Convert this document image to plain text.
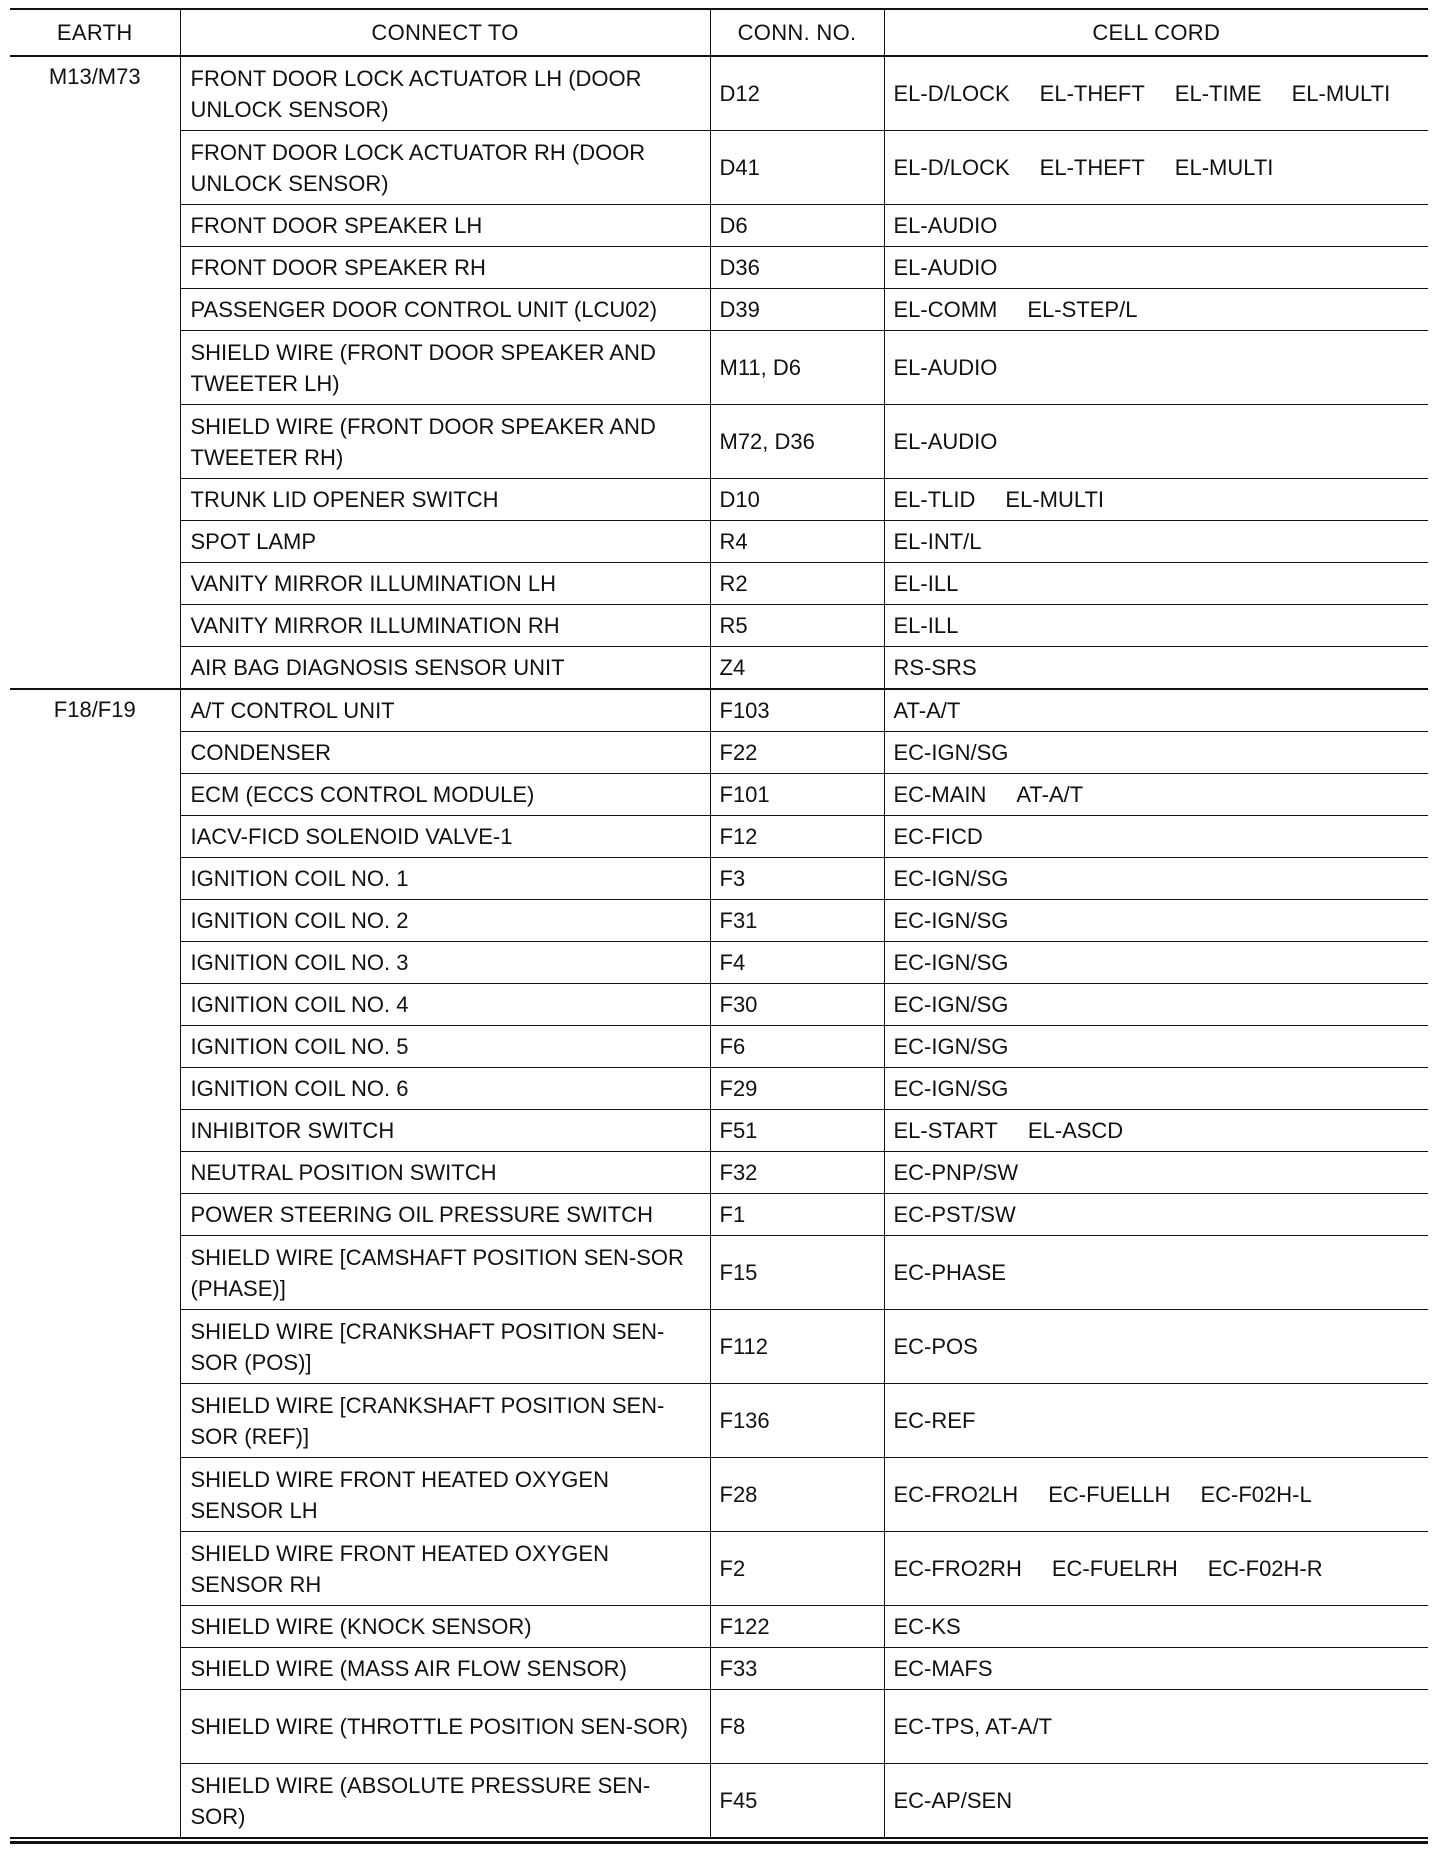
EARTH	CONNECT TO	CONN. NO.	CELL CORD
M13/M73	FRONT DOOR LOCK ACTUATOR LH (DOOR UNLOCK SENSOR)	D12	EL-D/LOCK EL-THEFT EL-TIME EL-MULTI
	FRONT DOOR LOCK ACTUATOR RH (DOOR UNLOCK SENSOR)	D41	EL-D/LOCK EL-THEFT EL-MULTI
	FRONT DOOR SPEAKER LH	D6	EL-AUDIO
	FRONT DOOR SPEAKER RH	D36	EL-AUDIO
	PASSENGER DOOR CONTROL UNIT (LCU02)	D39	EL-COMM EL-STEP/L
	SHIELD WIRE (FRONT DOOR SPEAKER AND TWEETER LH)	M11, D6	EL-AUDIO
	SHIELD WIRE (FRONT DOOR SPEAKER AND TWEETER RH)	M72, D36	EL-AUDIO
	TRUNK LID OPENER SWITCH	D10	EL-TLID EL-MULTI
	SPOT LAMP	R4	EL-INT/L
	VANITY MIRROR ILLUMINATION LH	R2	EL-ILL
	VANITY MIRROR ILLUMINATION RH	R5	EL-ILL
	AIR BAG DIAGNOSIS SENSOR UNIT	Z4	RS-SRS
F18/F19	A/T CONTROL UNIT	F103	AT-A/T
	CONDENSER	F22	EC-IGN/SG
	ECM (ECCS CONTROL MODULE)	F101	EC-MAIN AT-A/T
	IACV-FICD SOLENOID VALVE-1	F12	EC-FICD
	IGNITION COIL NO. 1	F3	EC-IGN/SG
	IGNITION COIL NO. 2	F31	EC-IGN/SG
	IGNITION COIL NO. 3	F4	EC-IGN/SG
	IGNITION COIL NO. 4	F30	EC-IGN/SG
	IGNITION COIL NO. 5	F6	EC-IGN/SG
	IGNITION COIL NO. 6	F29	EC-IGN/SG
	INHIBITOR SWITCH	F51	EL-START EL-ASCD
	NEUTRAL POSITION SWITCH	F32	EC-PNP/SW
	POWER STEERING OIL PRESSURE SWITCH	F1	EC-PST/SW
	SHIELD WIRE [CAMSHAFT POSITION SEN-SOR (PHASE)]	F15	EC-PHASE
	SHIELD WIRE [CRANKSHAFT POSITION SEN-SOR (POS)]	F112	EC-POS
	SHIELD WIRE [CRANKSHAFT POSITION SEN-SOR (REF)]	F136	EC-REF
	SHIELD WIRE FRONT HEATED OXYGEN SENSOR LH	F28	EC-FRO2LH EC-FUELLH EC-F02H-L
	SHIELD WIRE FRONT HEATED OXYGEN SENSOR RH	F2	EC-FRO2RH EC-FUELRH EC-F02H-R
	SHIELD WIRE (KNOCK SENSOR)	F122	EC-KS
	SHIELD WIRE (MASS AIR FLOW SENSOR)	F33	EC-MAFS
	SHIELD WIRE (THROTTLE POSITION SEN-SOR)	F8	EC-TPS, AT-A/T
	SHIELD WIRE (ABSOLUTE PRESSURE SEN-SOR)	F45	EC-AP/SEN
